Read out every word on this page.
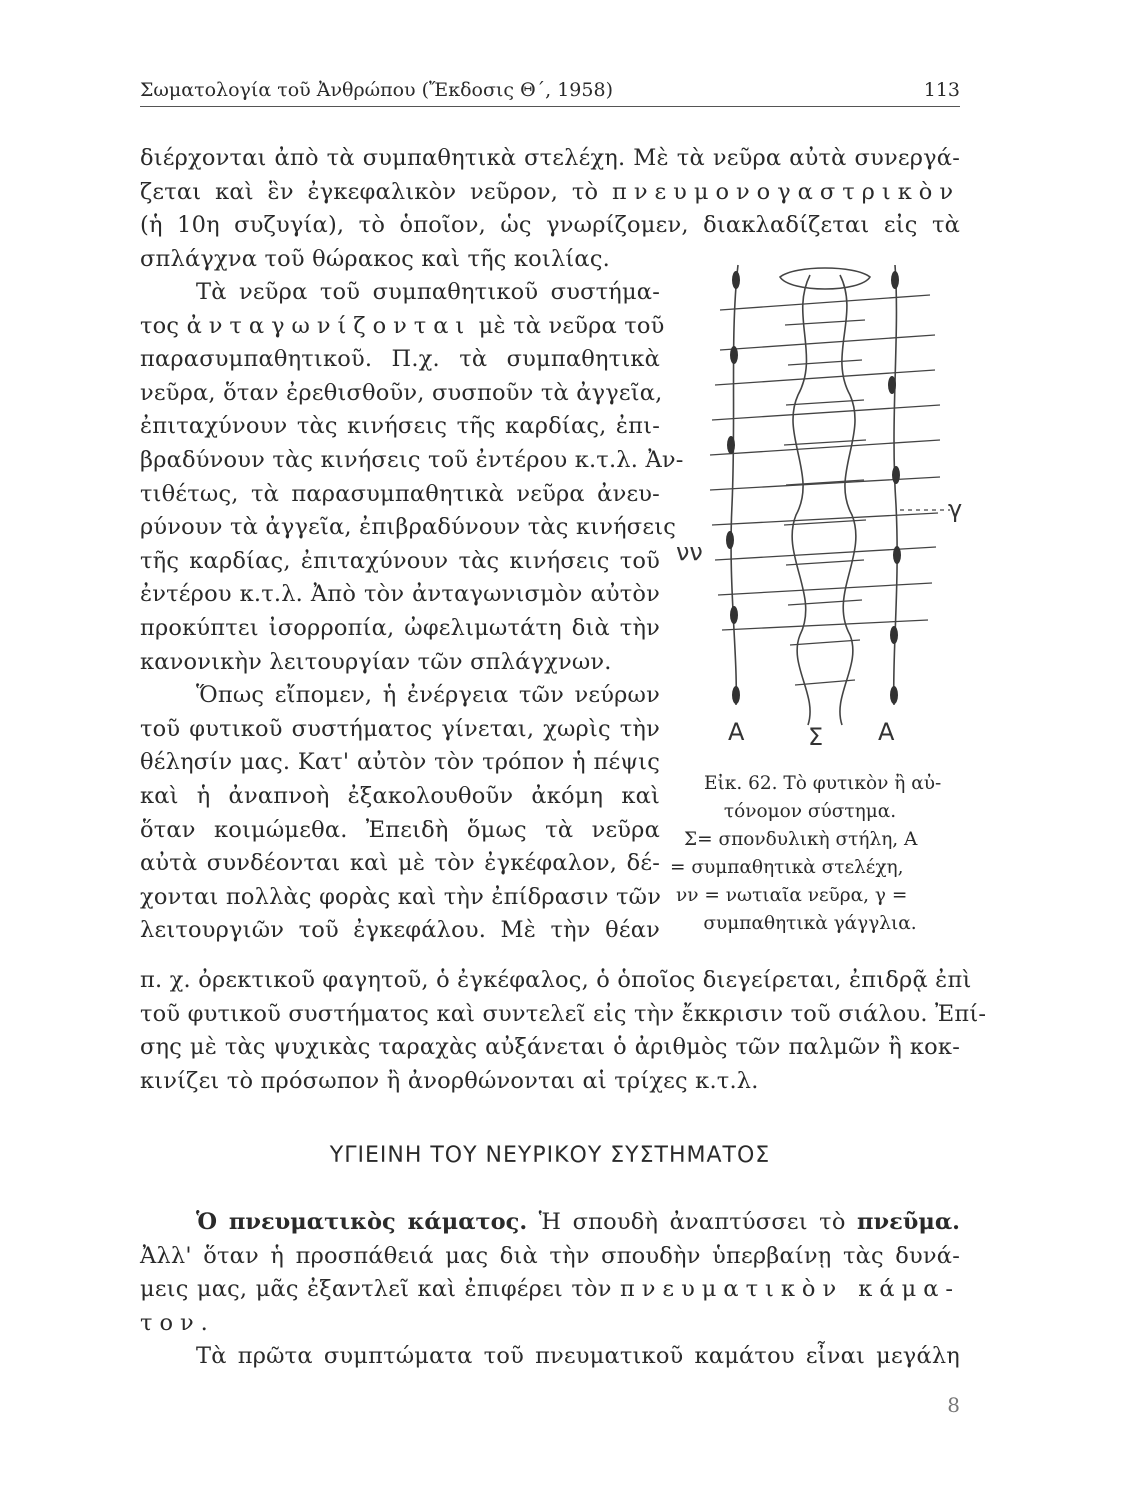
Σωματολογία τοῦ Ἀνθρώπου (Ἔκδοσις Θ΄, 1958)	113
διέρχονται ἀπὸ τὰ συμπαθητικὰ στελέχη. Μὲ τὰ νεῦρα αὐτὰ συνεργά-
ζεται καὶ ἓν ἐγκεφαλικὸν νεῦρον, τὸ πνευμονογαστρικὸν
(ἡ 10η συζυγία), τὸ ὁποῖον, ὡς γνωρίζομεν, διακλαδίζεται εἰς τὰ
σπλάγχνα τοῦ θώρακος καὶ τῆς κοιλίας.
Τὰ νεῦρα τοῦ συμπαθητικοῦ συστήμα-
τος ἀνταγωνίζονται μὲ τὰ νεῦρα τοῦ
παρασυμπαθητικοῦ. Π.χ. τὰ συμπαθητικὰ
νεῦρα, ὅταν ἐρεθισθοῦν, συσποῦν τὰ ἀγγεῖα,
ἐπιταχύνουν τὰς κινήσεις τῆς καρδίας, ἐπι-
βραδύνουν τὰς κινήσεις τοῦ ἐντέρου κ.τ.λ. Ἀν-
τιθέτως, τὰ παρασυμπαθητικὰ νεῦρα ἀνευ-
ρύνουν τὰ ἀγγεῖα, ἐπιβραδύνουν τὰς κινήσεις
τῆς καρδίας, ἐπιταχύνουν τὰς κινήσεις τοῦ
ἐντέρου κ.τ.λ. Ἀπὸ τὸν ἀνταγωνισμὸν αὐτὸν
προκύπτει ἰσορροπία, ὠφελιμωτάτη διὰ τὴν
κανονικὴν λειτουργίαν τῶν σπλάγχνων.
Ὅπως εἴπομεν, ἡ ἐνέργεια τῶν νεύρων
τοῦ φυτικοῦ συστήματος γίνεται, χωρὶς τὴν
θέλησίν μας. Κατ' αὐτὸν τὸν τρόπον ἡ πέψις
καὶ ἡ ἀναπνοὴ ἐξακολουθοῦν ἀκόμη καὶ
ὅταν κοιμώμεθα. Ἐπειδὴ ὅμως τὰ νεῦρα
αὐτὰ συνδέονται καὶ μὲ τὸν ἐγκέφαλον, δέ-
χονται πολλὰς φορὰς καὶ τὴν ἐπίδρασιν τῶν
λειτουργιῶν τοῦ ἐγκεφάλου. Μὲ τὴν θέαν
π. χ. ὀρεκτικοῦ φαγητοῦ, ὁ ἐγκέφαλος, ὁ ὁποῖος διεγείρεται, ἐπιδρᾷ ἐπὶ
τοῦ φυτικοῦ συστήματος καὶ συντελεῖ εἰς τὴν ἔκκρισιν τοῦ σιάλου. Ἐπί-
σης μὲ τὰς ψυχικὰς ταραχὰς αὐξάνεται ὁ ἀριθμὸς τῶν παλμῶν ἢ κοκ-
κινίζει τὸ πρόσωπον ἢ ἀνορθώνονται αἱ τρίχες κ.τ.λ.
Α	Σ Α
γ
νν
Εἰκ. 62. Τὸ φυτικὸν ἢ αὐ-
τόνομον σύστημα.
Σ= σπονδυλικὴ στήλη, Α
= συμπαθητικὰ στελέχη,
νν = νωτιαῖα νεῦρα, γ =
συμπαθητικὰ γάγγλια.
ΥΓΙΕΙΝΗ ΤΟΥ ΝΕΥΡΙΚΟΥ ΣΥΣΤΗΜΑΤΟΣ
Ὁ πνευματικὸς κάματος. Ἡ σπουδὴ ἀναπτύσσει τὸ πνεῦμα.
Ἀλλ' ὅταν ἡ προσπάθειά μας διὰ τὴν σπουδὴν ὑπερβαίνῃ τὰς δυνά-
μεις μας, μᾶς ἐξαντλεῖ καὶ ἐπιφέρει τὸν πνευματικὸν κάμα-
τον.
Τὰ πρῶτα συμπτώματα τοῦ πνευματικοῦ καμάτου εἶναι μεγάλη
8
